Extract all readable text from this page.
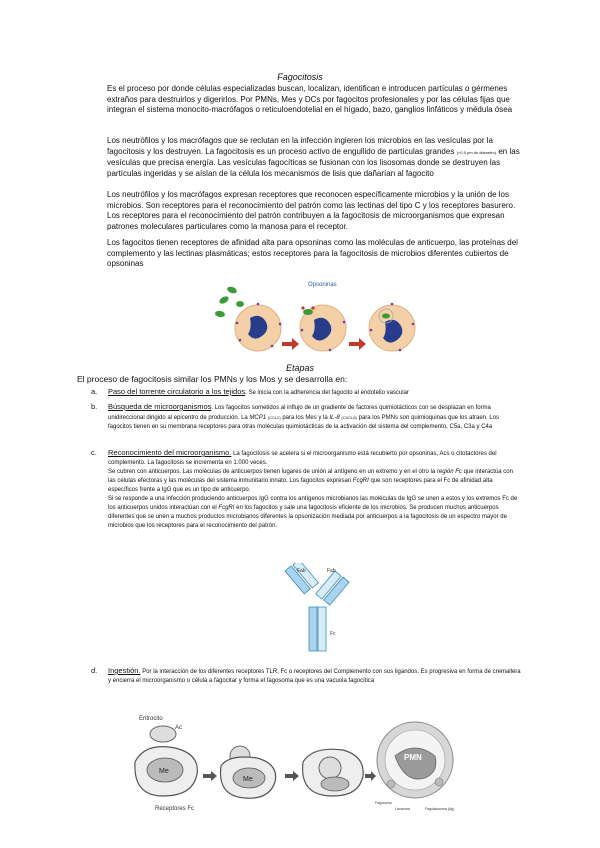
Fagocitosis
Es el proceso por donde células especializadas buscan, localizan, identifican e introducen partículas o gérmenes extraños para destruirlos y digerirlos. Por PMNs, Mes y DCs por fagocitos profesionales y por las células fijas que integran el sistema monocito-macrófagos o reticuloendotelial en el hígado, bazo, ganglios linfáticos y médula ósea
Los neutrófilos y los macrófagos que se reclutan en la infección ingieren los microbios en las vesículas por la fagocitosis y los destruyen. La fagocitosis es un proceso activo de engullido de partículas grandes (>0,5 μm de diámetro) en las vesículas que precisa energía. Las vesículas fagocíticas se fusionan con los lisosomas donde se destruyen las partículas ingeridas y se aíslan de la célula los mecanismos de lisis que dañarían al fagocito
Los neutrófilos y los macrófagos expresan receptores que reconocen específicamente microbios y la unión de los microbios. Son receptores para el reconocimiento del patrón como las lectinas del tipo C y los receptores basurero. Los receptores para el reconocimiento del patrón contribuyen a la fagocitosis de microorganismos que expresan patrones moleculares particulares como la manosa para el receptor.
Los fagocitos tienen receptores de afinidad alta para opsoninas como las moléculas de anticuerpo, las proteínas del complemento y las lectinas plasmáticas; estos receptores para la fagocitosis de microbios diferentes cubiertos de opsoninas
Opsoninas
Etapas
El proceso de fagocitosis similar los PMNs y los Mos y se desarrolla en:
a. Paso del torrente circulatorio a los tejidos. Se inicia con la adherencia del fagocito al endotelio vascular
b. Búsqueda de microorganismos. Los fagocitos sometidos al influjo de un gradiente de factores quimiotácticos con se desplazan en forma unidireccional dirigido al epicentro de producción. La MCP1 (CCL2) para los Mes y la IL-8 (CXCL8) para los PMNs son quimioquinas que los atraen. Los fagocitos tienen en su membrana receptores para otras moléculas quimiotácticas de la activación del sistema del complemento, C5a, C3a y C4a
c. Reconocimiento del microorganismo. La fagocitosis se acelera si el microorganismo está recubierto por opsoninas, Acs o citotactores del complemento. La fagocitosis se incrementa en 1.000 veces.
Se cubren con anticuerpos. Las moléculas de anticuerpos tienen lugares de unión al antígeno en un extremo y en el otro la región Fc que interactúa con las células efectoras y las moléculas del sistema inmunitario innato. Los fagocitos expresan FcgRI que son receptores para el Fc de afinidad alta específicos frente a IgG que es un tipo de anticuerpo.
Si se responde a una infección produciendo anticuerpos IgG contra los antígenos microbianos las moléculas de IgG se unen a estos y los extremos Fc de los anticuerpos unidos interactúan con el FcgRI en los fagocitos y sale una fagocitosis eficiente de los microbios. Se producen muchos anticuerpos diferentes que se unen a muchos productos microbianos diferentes la opsonización mediada por anticuerpos a la fagocitosis de un espectro mayor de microbios que los receptores para el reconocimiento del patrón.
Fab	Fab
Fc
d. Ingestión. Por la interacción de los diferentes receptores TLR, Fc o receptores del Complemento con sus ligandos. Es progresiva en forma de cremallera y encierra el microorganismo o célula a fagocitar y forma el fagosoma que es una vacuola fagocítica
Eritrocito
Ac
Me
Me
PMN
Receptores Fc
Fagosoma
Lisosoma	Fagolisosoma (Ag)
